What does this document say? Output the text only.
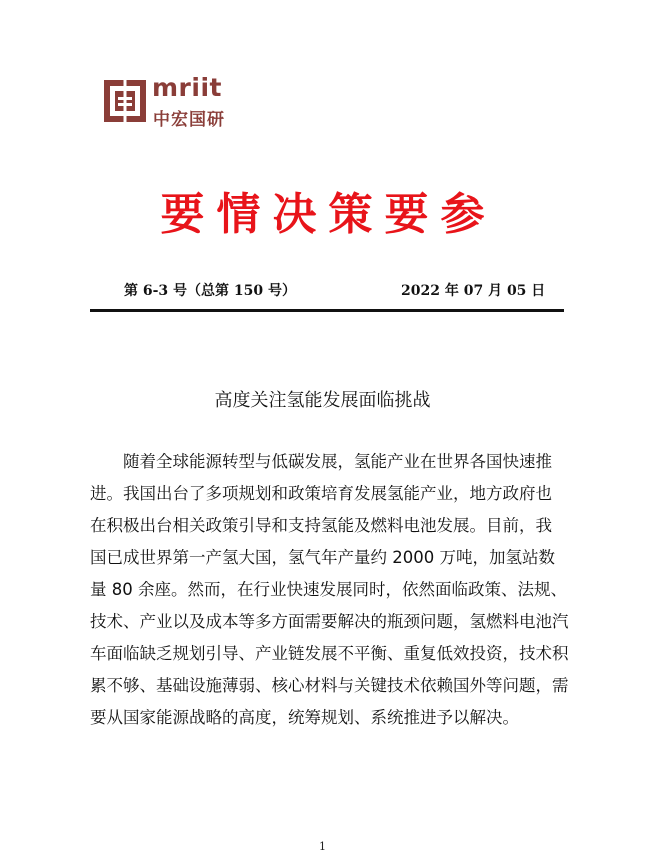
mriit
中宏国研
要情决策要参
第 6-3 号（总第 150 号）	2022 年 07 月 05 日
高度关注氢能发展面临挑战
随着全球能源转型与低碳发展，氢能产业在世界各国快速推
进。我国出台了多项规划和政策培育发展氢能产业，地方政府也
在积极出台相关政策引导和支持氢能及燃料电池发展。目前，我
国已成世界第一产氢大国，氢气年产量约 2000 万吨，加氢站数
量 80 余座。然而，在行业快速发展同时，依然面临政策、法规、
技术、产业以及成本等多方面需要解决的瓶颈问题，氢燃料电池汽
车面临缺乏规划引导、产业链发展不平衡、重复低效投资，技术积
累不够、基础设施薄弱、核心材料与关键技术依赖国外等问题，需
要从国家能源战略的高度，统筹规划、系统推进予以解决。
1
